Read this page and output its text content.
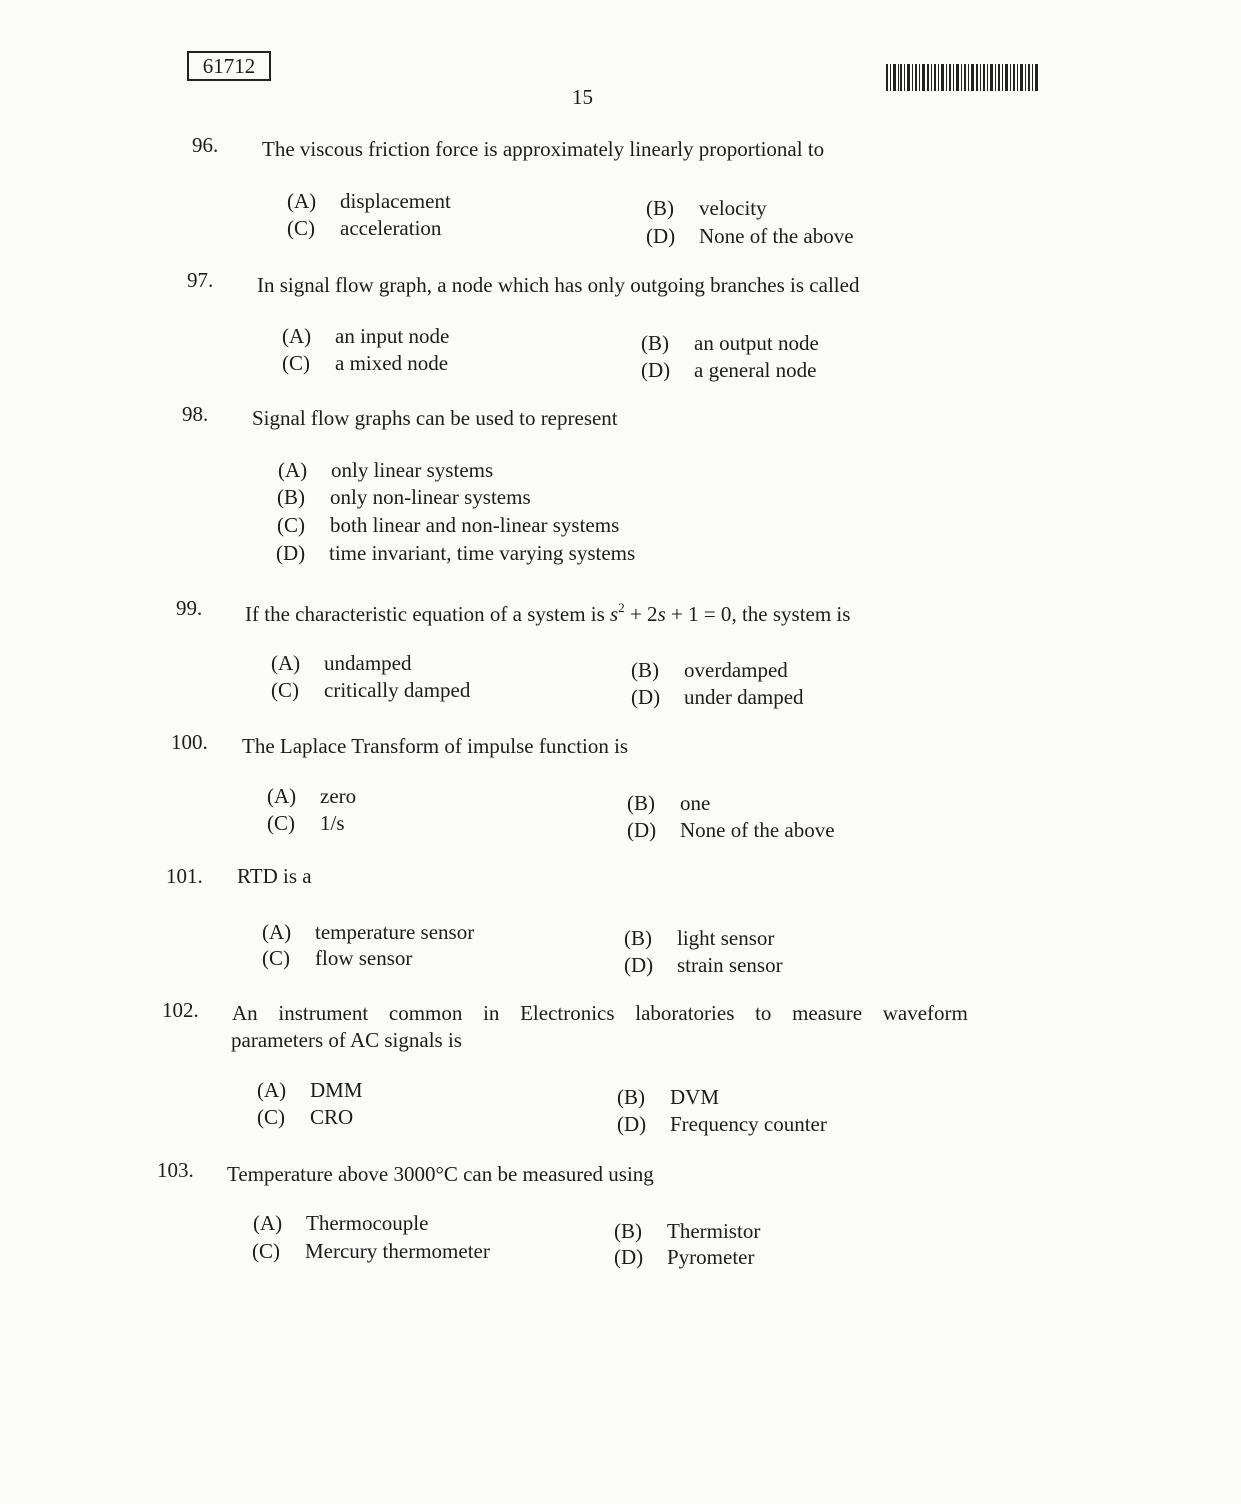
61712
15
96. The viscous friction force is approximately linearly proportional to
(A) displacement
(C) acceleration
(B) velocity
(D) None of the above
97. In signal flow graph, a node which has only outgoing branches is called
(A) an input node
(C) a mixed node
(B) an output node
(D) a general node
98. Signal flow graphs can be used to represent
(A) only linear systems
(B) only non-linear systems
(C) both linear and non-linear systems
(D) time invariant, time varying systems
99. If the characteristic equation of a system is $s^2 + 2s + 1 = 0$, the system is
(A) undamped
(C) critically damped
(B) overdamped
(D) under damped
100. The Laplace Transform of impulse function is
(A) zero
(C) 1/s
(B) one
(D) None of the above
101. RTD is a
(A) temperature sensor
(C) flow sensor
(B) light sensor
(D) strain sensor
102. An instrument common in Electronics laboratories to measure waveform
parameters of AC signals is
(A) DMM
(C) CRO
(B) DVM
(D) Frequency counter
103. Temperature above 3000°C can be measured using
(A) Thermocouple
(C) Mercury thermometer
(B) Thermistor
(D) Pyrometer
